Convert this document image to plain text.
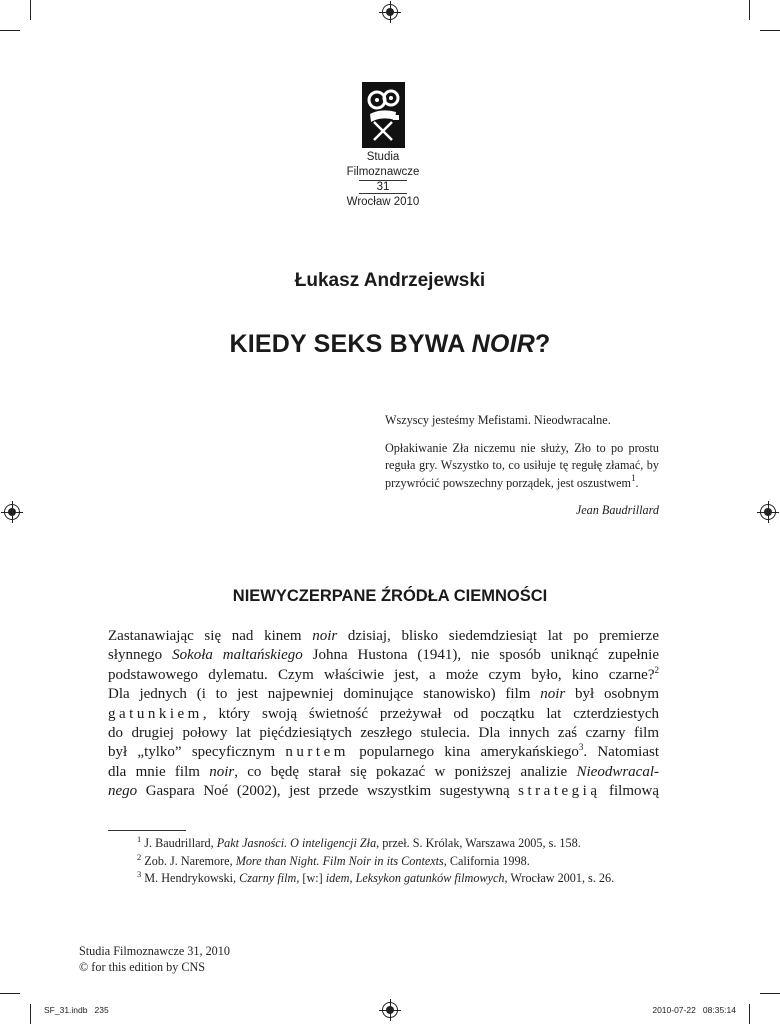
Studia
Filmoznawcze
31
Wrocław 2010
Łukasz Andrzejewski
KIEDY SEKS BYWA NOIR?

Wszyscy jesteśmy Mefistami. Nieodwracalne.

Opłakiwanie Zła niczemu nie służy, Zło to po prostu reguła gry. Wszystko to, co usiłuje tę regułę złamać, by przywrócić powszechny porządek, jest oszustwem$^1$.

Jean Baudrillard

NIEWYCZERPANE ŹRÓDŁA CIEMNOŚCI
Zastanawiając się nad kinem noir dzisiaj, blisko siedemdziesiąt lat po premierze
słynnego Sokoła maltańskiego Johna Hustona (1941), nie sposób uniknąć zupełnie
podstawowego dylematu. Czym właściwie jest, a może czym było, kino czarne?$^2$
Dla jednych (i to jest najpewniej dominujące stanowisko) film noir był osobnym
gatunkiem, który swoją świetność przeżywał od początku lat czterdziestych
do drugiej połowy lat pięćdziesiątych zeszłego stulecia. Dla innych zaś czarny film
był „tylko” specyficznym nurtem popularnego kina amerykańskiego$^3$. Natomiast
dla mnie film noir, co będę starał się pokazać w poniższej analizie Nieodwracal-
nego Gaspara Noé (2002), jest przede wszystkim sugestywną strategią filmową
$^1$ J. Baudrillard, Pakt Jasności. O inteligencji Zła, przeł. S. Królak, Warszawa 2005, s. 158.
$^2$ Zob. J. Naremore, More than Night. Film Noir in its Contexts, California 1998.
$^3$ M. Hendrykowski, Czarny film, [w:] idem, Leksykon gatunków filmowych, Wrocław 2001, s. 26.
Studia Filmoznawcze 31, 2010
© for this edition by CNS
SF_31.indb   235	2010-07-22   08:35:14
